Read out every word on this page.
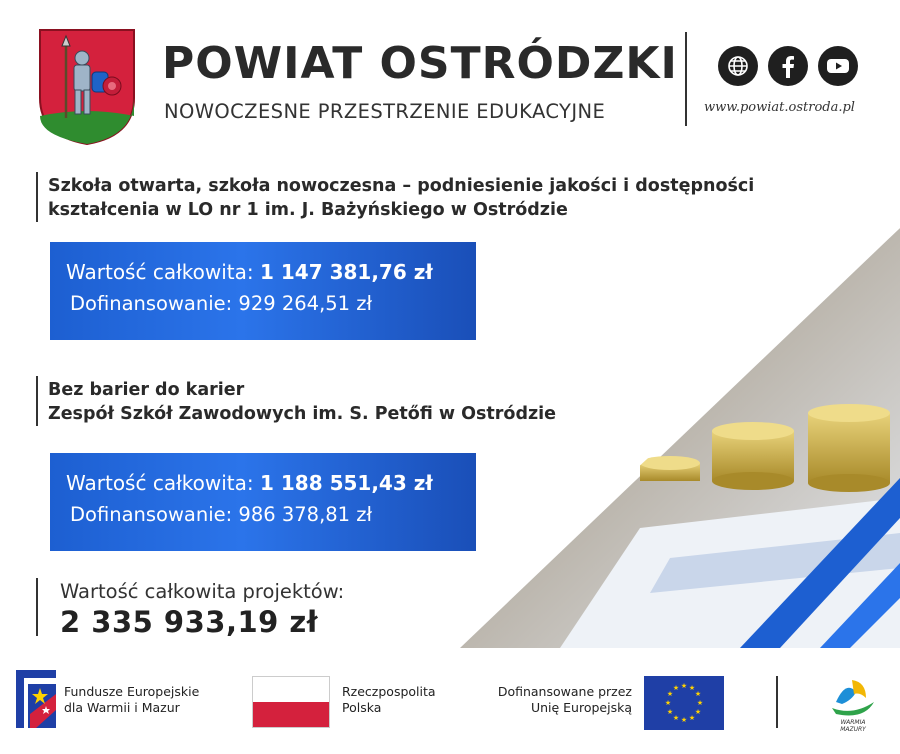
POWIAT OSTRÓDZKI
NOWOCZESNE PRZESTRZENIE EDUKACYJNE	www.powiat.ostroda.pl
Szkoła otwarta, szkoła nowoczesna – podniesienie jakości i dostępności
kształcenia w LO nr 1 im. J. Bażyńskiego w Ostródzie
Wartość całkowita: 1 147 381,76 zł
Dofinansowanie: 929 264,51 zł
Bez barier do karier
Zespół Szkół Zawodowych im. S. Petőfi w Ostródzie
Wartość całkowita: 1 188 551,43 zł
Dofinansowanie: 986 378,81 zł
Wartość całkowita projektów:
2 335 933,19 zł
Fundusze Europejskie
dla Warmii i Mazur
Rzeczpospolita
Polska
Dofinansowane przez
Unię Europejską
★ ★
★
★
★
★
★
★
★
★
★
★
WARMIA
MAZURY
